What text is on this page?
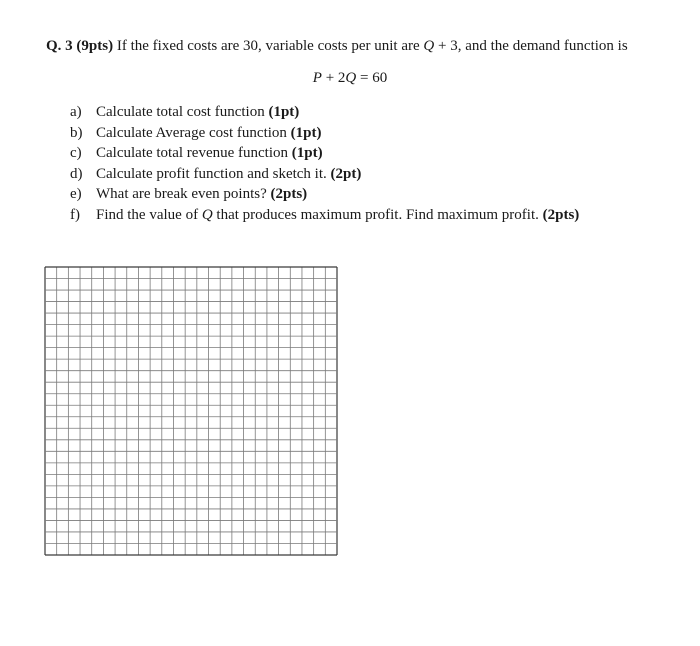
Q. 3 (9pts) If the fixed costs are 30, variable costs per unit are Q + 3, and the demand function is
P + 2Q = 60
a) Calculate total cost function (1pt)
b) Calculate Average cost function (1pt)
c) Calculate total revenue function (1pt)
d) Calculate profit function and sketch it. (2pt)
e) What are break even points? (2pts)
f)	Find the value of Q that produces maximum profit. Find maximum profit. (2pts)
